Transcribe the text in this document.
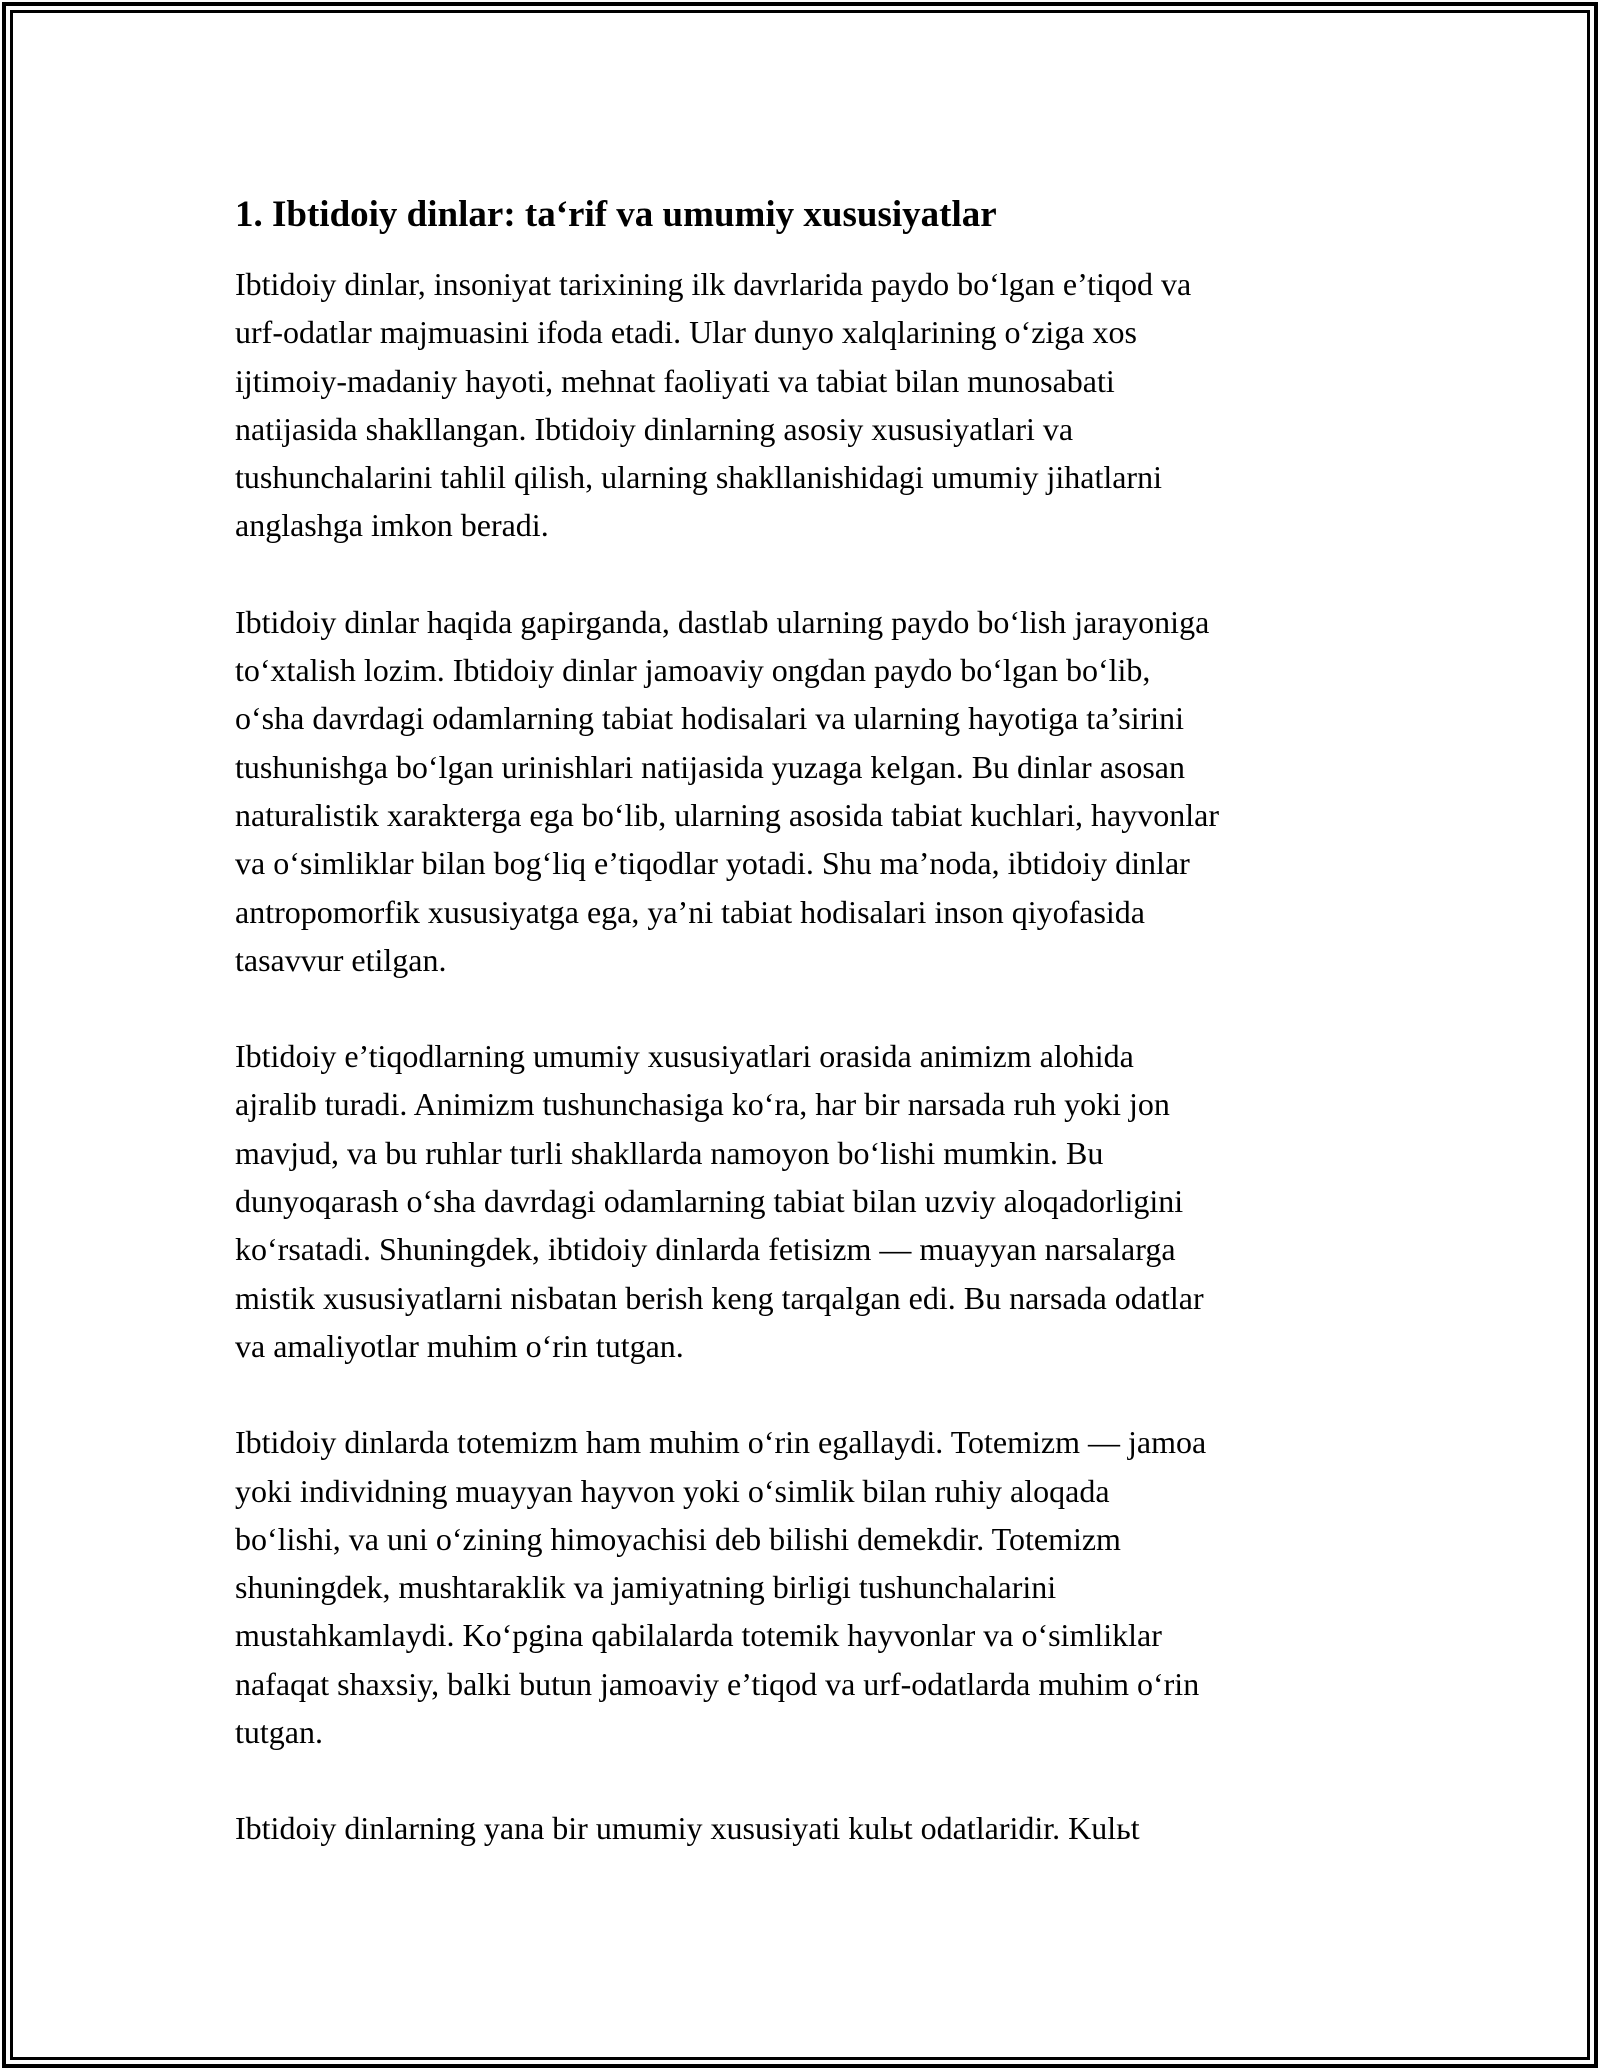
1. Ibtidoiy dinlar: ta‘rif va umumiy xususiyatlar
Ibtidoiy dinlar, insoniyat tarixining ilk davrlarida paydo bo‘lgan e’tiqod va
urf-odatlar majmuasini ifoda etadi. Ular dunyo xalqlarining o‘ziga xos
ijtimoiy-madaniy hayoti, mehnat faoliyati va tabiat bilan munosabati
natijasida shakllangan. Ibtidoiy dinlarning asosiy xususiyatlari va
tushunchalarini tahlil qilish, ularning shakllanishidagi umumiy jihatlarni
anglashga imkon beradi.
Ibtidoiy dinlar haqida gapirganda, dastlab ularning paydo bo‘lish jarayoniga
to‘xtalish lozim. Ibtidoiy dinlar jamoaviy ongdan paydo bo‘lgan bo‘lib,
o‘sha davrdagi odamlarning tabiat hodisalari va ularning hayotiga ta’sirini
tushunishga bo‘lgan urinishlari natijasida yuzaga kelgan. Bu dinlar asosan
naturalistik xarakterga ega bo‘lib, ularning asosida tabiat kuchlari, hayvonlar
va o‘simliklar bilan bog‘liq e’tiqodlar yotadi. Shu ma’noda, ibtidoiy dinlar
antropomorfik xususiyatga ega, ya’ni tabiat hodisalari inson qiyofasida
tasavvur etilgan.
Ibtidoiy e’tiqodlarning umumiy xususiyatlari orasida animizm alohida
ajralib turadi. Animizm tushunchasiga ko‘ra, har bir narsada ruh yoki jon
mavjud, va bu ruhlar turli shakllarda namoyon bo‘lishi mumkin. Bu
dunyoqarash o‘sha davrdagi odamlarning tabiat bilan uzviy aloqadorligini
ko‘rsatadi. Shuningdek, ibtidoiy dinlarda fetisizm — muayyan narsalarga
mistik xususiyatlarni nisbatan berish keng tarqalgan edi. Bu narsada odatlar
va amaliyotlar muhim o‘rin tutgan.
Ibtidoiy dinlarda totemizm ham muhim o‘rin egallaydi. Totemizm — jamoa
yoki individning muayyan hayvon yoki o‘simlik bilan ruhiy aloqada
bo‘lishi, va uni o‘zining himoyachisi deb bilishi demekdir. Totemizm
shuningdek, mushtaraklik va jamiyatning birligi tushunchalarini
mustahkamlaydi. Ko‘pgina qabilalarda totemik hayvonlar va o‘simliklar
nafaqat shaxsiy, balki butun jamoaviy e’tiqod va urf-odatlarda muhim o‘rin
tutgan.
Ibtidoiy dinlarning yana bir umumiy xususiyati kulьt odatlaridir. Kulьt
